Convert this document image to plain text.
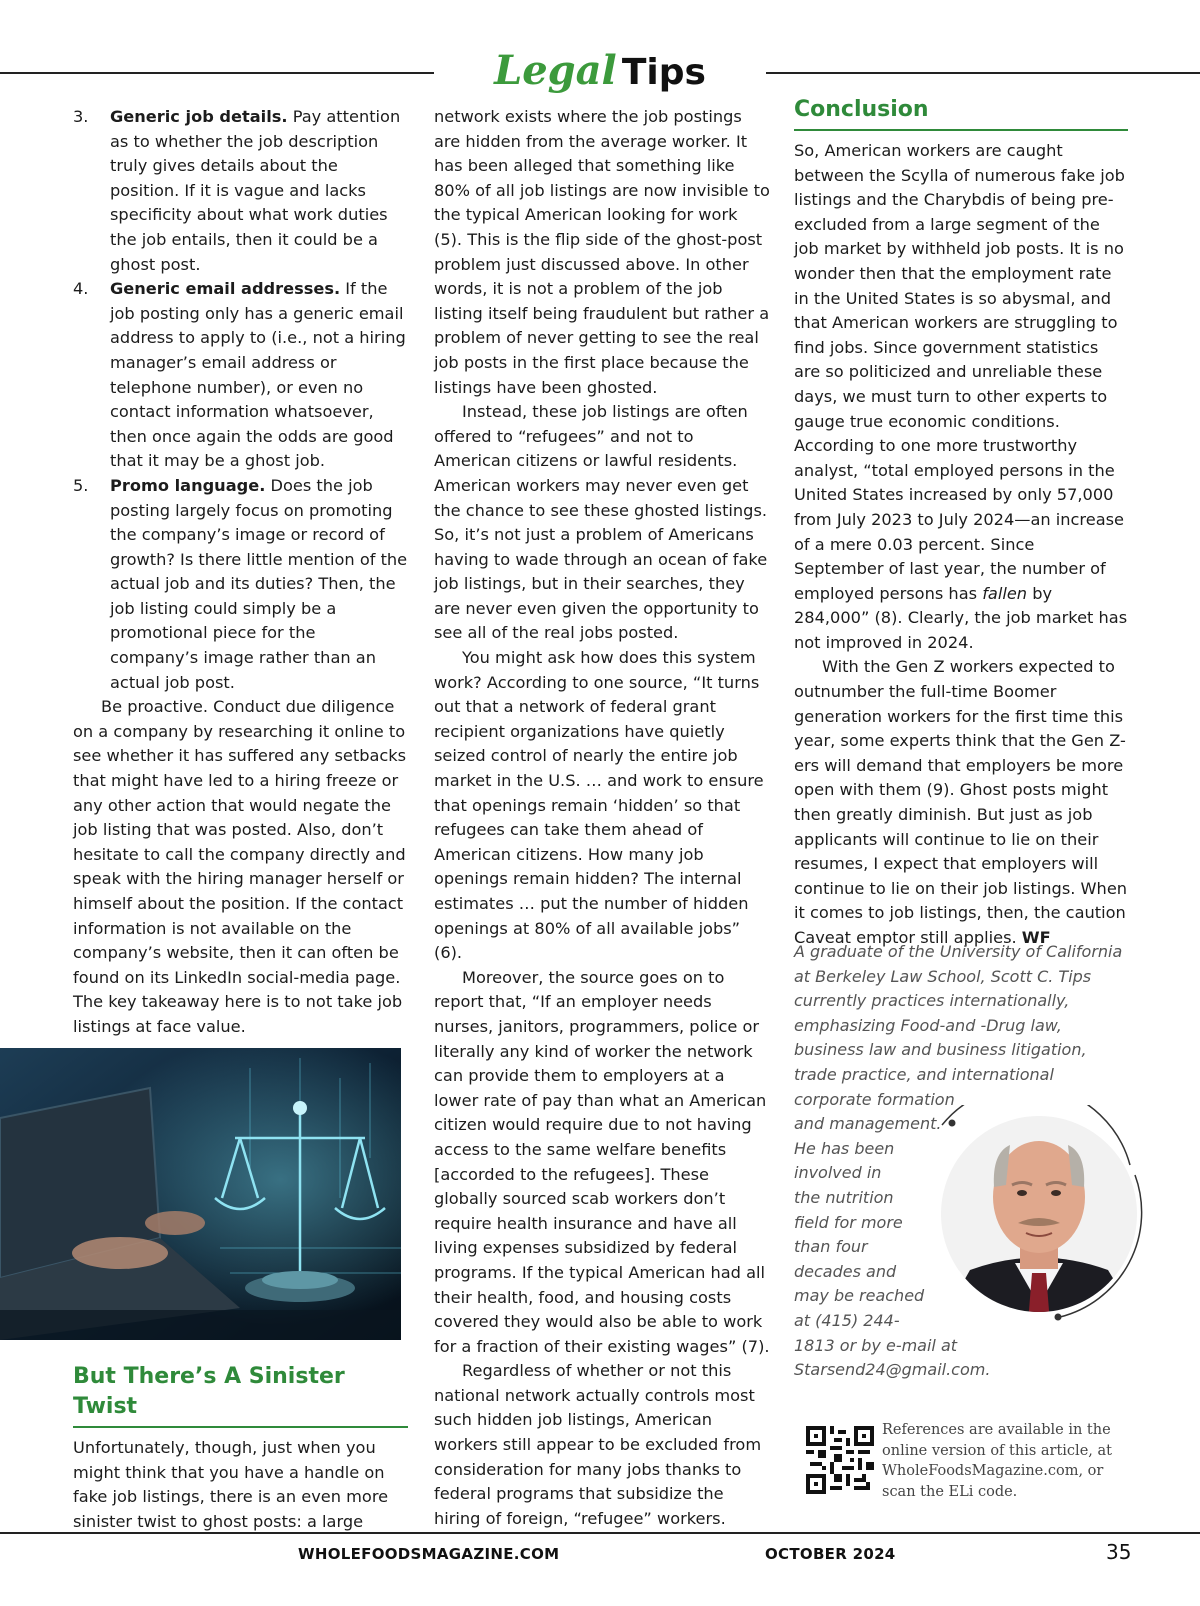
Legal Tips
3. Generic job details. Pay attention as to whether the job description truly gives details about the position. If it is vague and lacks specificity about what work duties the job entails, then it could be a ghost post.
4. Generic email addresses. If the job posting only has a generic email address to apply to (i.e., not a hiring manager’s email address or telephone number), or even no contact information whatsoever, then once again the odds are good that it may be a ghost job.
5. Promo language. Does the job posting largely focus on promoting the company’s image or record of growth? Is there little mention of the actual job and its duties? Then, the job listing could simply be a promotional piece for the company’s image rather than an actual job post.

Be proactive. Conduct due diligence on a company by researching it online to see whether it has suffered any setbacks that might have led to a hiring freeze or any other action that would negate the job listing that was posted. Also, don’t hesitate to call the company directly and speak with the hiring manager herself or himself about the position. If the contact information is not available on the company’s website, then it can often be found on its LinkedIn social-media page. The key takeaway here is to not take job listings at face value.

But There’s A Sinister Twist

Unfortunately, though, just when you might think that you have a handle on fake job listings, there is an even more sinister twist to ghost posts: a large

network exists where the job postings are hidden from the average worker. It has been alleged that something like 80% of all job listings are now invisible to the typical American looking for work (5). This is the flip side of the ghost-post problem just discussed above. In other words, it is not a problem of the job listing itself being fraudulent but rather a problem of never getting to see the real job posts in the first place because the listings have been ghosted.

Instead, these job listings are often offered to “refugees” and not to American citizens or lawful residents. American workers may never even get the chance to see these ghosted listings. So, it’s not just a problem of Americans having to wade through an ocean of fake job listings, but in their searches, they are never even given the opportunity to see all of the real jobs posted.

You might ask how does this system work? According to one source, “It turns out that a network of federal grant recipient organizations have quietly seized control of nearly the entire job market in the U.S. … and work to ensure that openings remain ‘hidden’ so that refugees can take them ahead of American citizens. How many job openings remain hidden? The internal estimates … put the number of hidden openings at 80% of all available jobs” (6).

Moreover, the source goes on to report that, “If an employer needs nurses, janitors, programmers, police or literally any kind of worker the network can provide them to employers at a lower rate of pay than what an American citizen would require due to not having access to the same welfare benefits [accorded to the refugees]. These globally sourced scab workers don’t require health insurance and have all living expenses subsidized by federal programs. If the typical American had all their health, food, and housing costs covered they would also be able to work for a fraction of their existing wages” (7).

Regardless of whether or not this national network actually controls most such hidden job listings, American workers still appear to be excluded from consideration for many jobs thanks to federal programs that subsidize the hiring of foreign, “refugee” workers.

Conclusion

So, American workers are caught between the Scylla of numerous fake job listings and the Charybdis of being pre-excluded from a large segment of the job market by withheld job posts. It is no wonder then that the employment rate in the United States is so abysmal, and that American workers are struggling to find jobs. Since government statistics are so politicized and unreliable these days, we must turn to other experts to gauge true economic conditions. According to one more trustworthy analyst, “total employed persons in the United States increased by only 57,000 from July 2023 to July 2024—an increase of a mere 0.03 percent. Since September of last year, the number of employed persons has fallen by 284,000” (8). Clearly, the job market has not improved in 2024.

With the Gen Z workers expected to outnumber the full-time Boomer generation workers for the first time this year, some experts think that the Gen Z-ers will demand that employers be more open with them (9). Ghost posts might then greatly diminish. But just as job applicants will continue to lie on their resumes, I expect that employers will continue to lie on their job listings. When it comes to job listings, then, the caution Caveat emptor still applies. WF

A graduate of the University of California
at Berkeley Law School, Scott C. Tips
currently practices internationally,
emphasizing Food-and -Drug law,
business law and business litigation,
trade practice, and international
corporate formation
and management.
He has been
involved in
the nutrition
field for more
than four
decades and
may be reached
at (415) 244-
1813 or by e-mail at
Starsend24@gmail.com.
References are available in the online version of this article, at WholeFoodsMagazine.com, or scan the ELi code.
WHOLEFOODSMAGAZINE.COM	OCTOBER 2024	35
